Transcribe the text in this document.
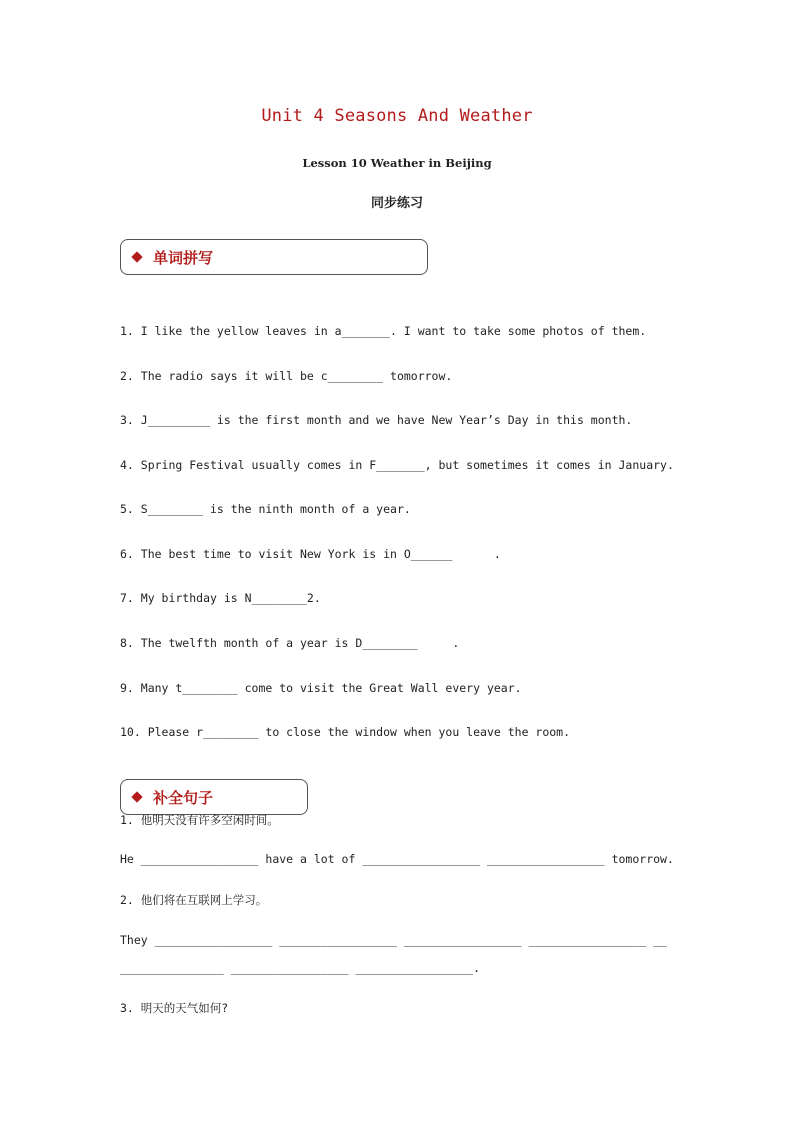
Unit 4 Seasons And Weather
Lesson 10 Weather in Beijing
同步练习
单词拼写
1. I like the yellow leaves in a_______. I want to take some photos of them.
2. The radio says it will be c________ tomorrow.
3. J_________ is the first month and we have New Year’s Day in this month.
4. Spring Festival usually comes in F_______, but sometimes it comes in January.
5. S________ is the ninth month of a year.
6. The best time to visit New York is in O______      .
7. My birthday is N________2.
8. The twelfth month of a year is D________     .
9. Many t________ come to visit the Great Wall every year.
10. Please r________ to close the window when you leave the room.
补全句子
1. 他明天没有许多空闲时间。
He _________________ have a lot of _________________ _________________ tomorrow.
2. 他们将在互联网上学习。
They _________________ _________________ _________________ _________________ __
_______________ _________________ _________________.
3. 明天的天气如何?
